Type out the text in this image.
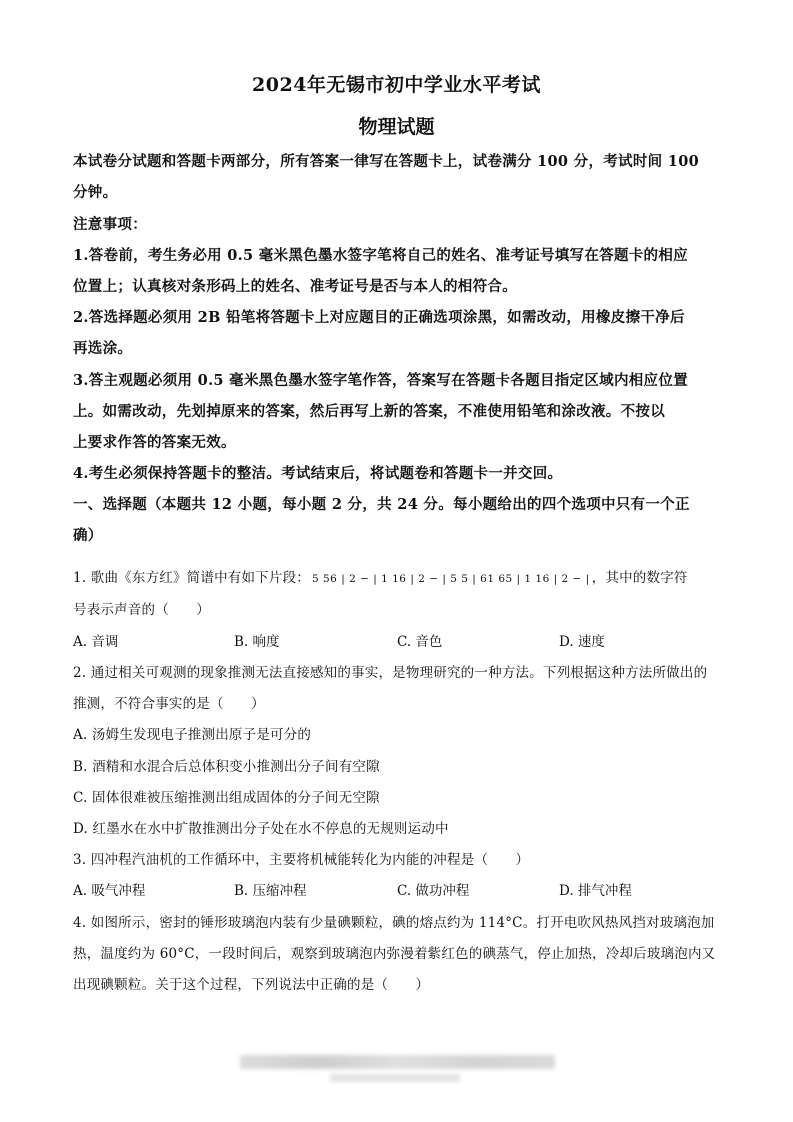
2024年无锡市初中学业水平考试
物理试题
本试卷分试题和答题卡两部分，所有答案一律写在答题卡上，试卷满分 100 分，考试时间 100
分钟。
注意事项：
1.答卷前，考生务必用 0.5 毫米黑色墨水签字笔将自己的姓名、准考证号填写在答题卡的相应
位置上；认真核对条形码上的姓名、准考证号是否与本人的相符合。
2.答选择题必须用 2B 铅笔将答题卡上对应题目的正确选项涂黑，如需改动，用橡皮擦干净后
再选涂。
3.答主观题必须用 0.5 毫米黑色墨水签字笔作答，答案写在答题卡各题目指定区域内相应位置
上。如需改动，先划掉原来的答案，然后再写上新的答案，不准使用铅笔和涂改液。不按以
上要求作答的答案无效。
4.考生必须保持答题卡的整洁。考试结束后，将试题卷和答题卡一并交回。
一、选择题（本题共 12 小题，每小题 2 分，共 24 分。每小题给出的四个选项中只有一个正
确）
1. 歌曲《东方红》简谱中有如下片段： 5 56 | 2 − | 1 16 | 2 − | 5 5 | 61 65 | 1 16 | 2 − | ，其中的数字符
号表示声音的（　　）
A. 音调	B. 响度	C. 音色	D. 速度
2. 通过相关可观测的现象推测无法直接感知的事实，是物理研究的一种方法。下列根据这种方法所做出的
推测，不符合事实的是（　　）
A. 汤姆生发现电子推测出原子是可分的
B. 酒精和水混合后总体积变小推测出分子间有空隙
C. 固体很难被压缩推测出组成固体的分子间无空隙
D. 红墨水在水中扩散推测出分子处在水不停息的无规则运动中
3. 四冲程汽油机的工作循环中，主要将机械能转化为内能的冲程是（　　）
A. 吸气冲程	B. 压缩冲程	C. 做功冲程	D. 排气冲程
4. 如图所示，密封的锤形玻璃泡内装有少量碘颗粒，碘的熔点约为 114°C。打开电吹风热风挡对玻璃泡加
热，温度约为 60°C，一段时间后，观察到玻璃泡内弥漫着紫红色的碘蒸气，停止加热，冷却后玻璃泡内又
出现碘颗粒。关于这个过程，下列说法中正确的是（　　）
